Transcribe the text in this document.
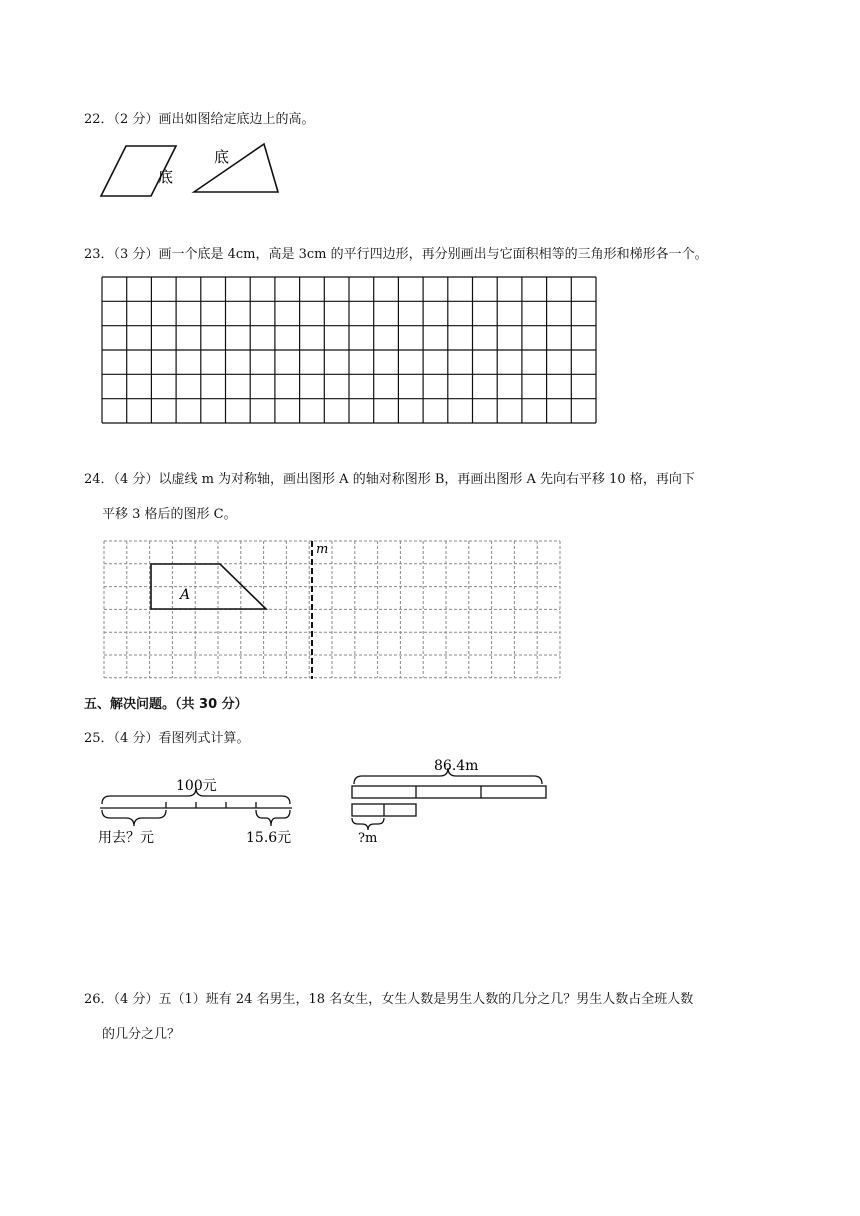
22．（2 分）画出如图给定底边上的高。
底
底
23．（3 分）画一个底是 4cm，高是 3cm 的平行四边形，再分别画出与它面积相等的三角形和梯形各一个。
24．（4 分）以虚线 m 为对称轴，画出图形 A 的轴对称图形 B，再画出图形 A 先向右平移 10 格，再向下
平移 3 格后的图形 C。
m
A
五、解决问题。（共 30 分）
25．（4 分）看图列式计算。
100元
用去？元	15.6元
86.4m
?m
26．（4 分）五（1）班有 24 名男生，18 名女生，女生人数是男生人数的几分之几？男生人数占全班人数
的几分之几？
